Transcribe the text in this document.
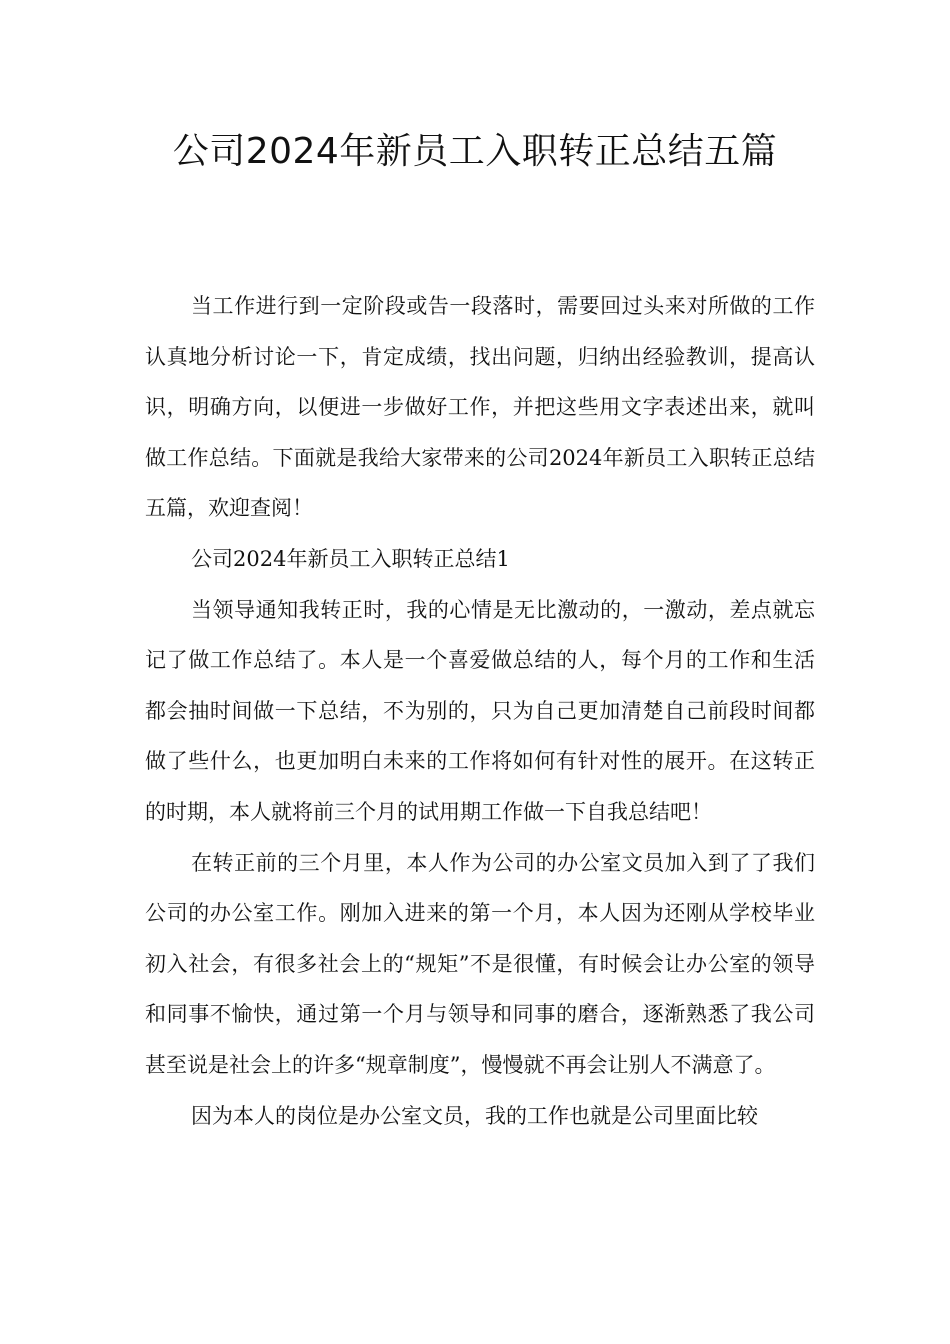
公司2024年新员工入职转正总结五篇

当工作进行到一定阶段或告一段落时，需要回过头来对所做的工作认真地分析讨论一下，肯定成绩，找出问题，归纳出经验教训，提高认识，明确方向，以便进一步做好工作，并把这些用文字表述出来，就叫做工作总结。下面就是我给大家带来的公司2024年新员工入职转正总结五篇，欢迎查阅！

公司2024年新员工入职转正总结1

当领导通知我转正时，我的心情是无比激动的，一激动，差点就忘记了做工作总结了。本人是一个喜爱做总结的人，每个月的工作和生活都会抽时间做一下总结，不为别的，只为自己更加清楚自己前段时间都做了些什么，也更加明白未来的工作将如何有针对性的展开。在这转正的时期，本人就将前三个月的试用期工作做一下自我总结吧！

在转正前的三个月里，本人作为公司的办公室文员加入到了了我们公司的办公室工作。刚加入进来的第一个月，本人因为还刚从学校毕业初入社会，有很多社会上的“规矩”不是很懂，有时候会让办公室的领导和同事不愉快，通过第一个月与领导和同事的磨合，逐渐熟悉了我公司甚至说是社会上的许多“规章制度”，慢慢就不再会让别人不满意了。

因为本人的岗位是办公室文员，我的工作也就是公司里面比较
